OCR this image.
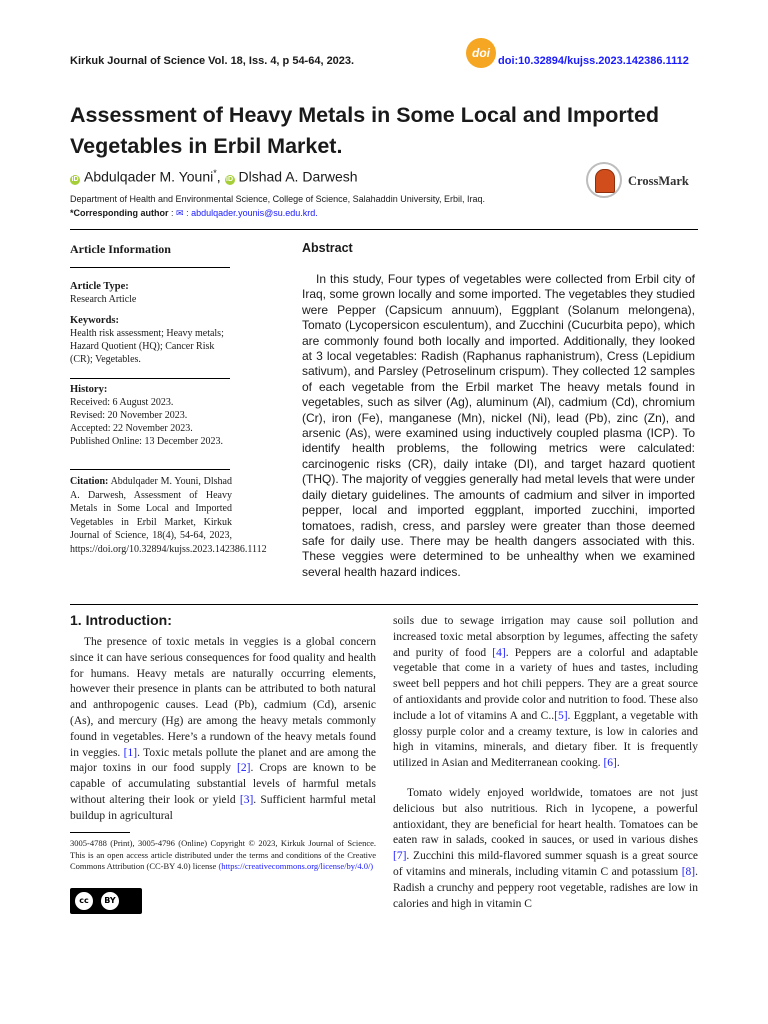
Kirkuk Journal of Science Vol. 18, Iss. 4, p 54-64, 2023.
doi
doi:10.32894/kujss.2023.142386.1112
Assessment of Heavy Metals in Some Local and Imported Vegetables in Erbil Market.
iD Abdulqader M. Youni*, iD Dlshad A. Darwesh	CrossMark
Department of Health and Environmental Science, College of Science, Salahaddin University, Erbil, Iraq.
*Corresponding author : ✉ : abdulqader.younis@su.edu.krd.
Article Information	Abstract
Article Type:
Research Article
Keywords:
Health risk assessment; Heavy metals; Hazard Quotient (HQ); Cancer Risk (CR); Vegetables.
History:
Received: 6 August 2023.
Revised: 20 November 2023.
Accepted: 22 November 2023.
Published Online: 13 December 2023.

Citation: Abdulqader M. Youni, Dlshad A. Darwesh, Assessment of Heavy Metals in Some Local and Imported Vegetables in Erbil Market, Kirkuk Journal of Science, 18(4), 54-64, 2023, https://doi.org/10.32894/kujss.2023.142386.1112

In this study, Four types of vegetables were collected from Erbil city of Iraq, some grown locally and some imported. The vegetables they studied were Pepper (Capsicum annuum), Eggplant (Solanum melongena), Tomato (Lycopersicon esculentum), and Zucchini (Cucurbita pepo), which are commonly found both locally and imported. Additionally, they looked at 3 local vegetables: Radish (Raphanus raphanistrum), Cress (Lepidium sativum), and Parsley (Petroselinum crispum). They collected 12 samples of each vegetable from the Erbil market The heavy metals found in vegetables, such as silver (Ag), aluminum (Al), cadmium (Cd), chromium (Cr), iron (Fe), manganese (Mn), nickel (Ni), lead (Pb), zinc (Zn), and arsenic (As), were examined using inductively coupled plasma (ICP). To identify health problems, the following metrics were calculated: carcinogenic risks (CR), daily intake (DI), and target hazard quotient (THQ). The majority of veggies generally had metal levels that were under daily dietary guidelines. The amounts of cadmium and silver in imported pepper, local and imported eggplant, imported zucchini, imported tomatoes, radish, cress, and parsley were greater than those deemed safe for daily use. There may be health dangers associated with this. These veggies were determined to be unhealthy when we examined several health hazard indices.

1. Introduction:

The presence of toxic metals in veggies is a global concern since it can have serious consequences for food quality and health for humans. Heavy metals are naturally occurring elements, however their presence in plants can be attributed to both natural and anthropogenic causes. Lead (Pb), cadmium (Cd), arsenic (As), and mercury (Hg) are among the heavy metals commonly found in vegetables. Here’s a rundown of the heavy metals found in veggies. [1]. Toxic metals pollute the planet and are among the major toxins in our food supply [2]. Crops are known to be capable of accumulating substantial levels of harmful metals without altering their look or yield [3]. Sufficient harmful metal buildup in agricultural

soils due to sewage irrigation may cause soil pollution and increased toxic metal absorption by legumes, affecting the safety and purity of food [4]. Peppers are a colorful and adaptable vegetable that come in a variety of hues and tastes, including sweet bell peppers and hot chili peppers. They are a great source of antioxidants and provide color and nutrition to food. These also include a lot of vitamins A and C..[5]. Eggplant, a vegetable with glossy purple color and a creamy texture, is low in calories and high in vitamins, minerals, and dietary fiber. It is frequently utilized in Asian and Mediterranean cooking. [6].

Tomato widely enjoyed worldwide, tomatoes are not just delicious but also nutritious. Rich in lycopene, a powerful antioxidant, they are beneficial for heart health. Tomatoes can be eaten raw in salads, cooked in sauces, or used in various dishes [7]. Zucchini this mild-flavored summer squash is a great source of vitamins and minerals, including vitamin C and potassium [8]. Radish a crunchy and peppery root vegetable, radishes are low in calories and high in vitamin C

3005-4788 (Print), 3005-4796 (Online) Copyright © 2023, Kirkuk Journal of Science. This is an open access article distributed under the terms and conditions of the Creative Commons Attribution (CC-BY 4.0) license (https://creativecommons.org/license/by/4.0/)

cc	BY
